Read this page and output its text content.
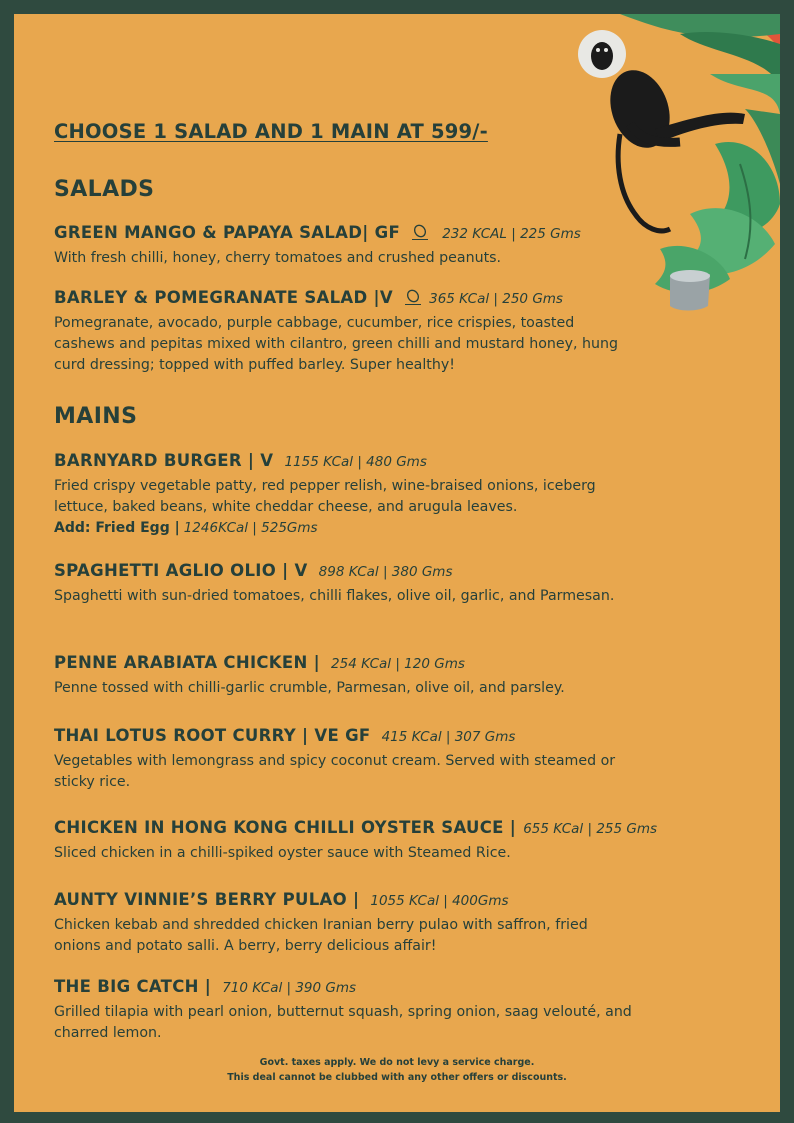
CHOOSE 1 SALAD AND 1 MAIN AT 599/-
SALADS
GREEN MANGO & PAPAYA SALAD| GF	232 KCAL | 225 Gms
With fresh chilli, honey, cherry tomatoes and crushed peanuts.
BARLEY & POMEGRANATE SALAD |V	365 KCal | 250 Gms
Pomegranate, avocado, purple cabbage, cucumber, rice crispies, toasted cashews and pepitas mixed with cilantro, green chilli and mustard honey, hung curd dressing; topped with puffed barley. Super healthy!
MAINS
BARNYARD BURGER | V 1155 KCal | 480 Gms
Fried crispy vegetable patty, red pepper relish, wine-braised onions, iceberg lettuce, baked beans, white cheddar cheese, and arugula leaves.
Add: Fried Egg | 1246KCal | 525Gms
SPAGHETTI AGLIO OLIO | V 898 KCal | 380 Gms
Spaghetti with sun-dried tomatoes, chilli flakes, olive oil, garlic, and Parmesan.
PENNE ARABIATA CHICKEN | 254 KCal | 120 Gms
Penne tossed with chilli-garlic crumble, Parmesan, olive oil, and parsley.
THAI LOTUS ROOT CURRY | VE GF 415 KCal | 307 Gms
Vegetables with lemongrass and spicy coconut cream. Served with steamed or sticky rice.
CHICKEN IN HONG KONG CHILLI OYSTER SAUCE | 655 KCal | 255 Gms
Sliced chicken in a chilli-spiked oyster sauce with Steamed Rice.
AUNTY VINNIE’S BERRY PULAO | 1055 KCal | 400Gms
Chicken kebab and shredded chicken Iranian berry pulao with saffron, fried onions and potato salli. A berry, berry delicious affair!
THE BIG CATCH | 710 KCal | 390 Gms
Grilled tilapia with pearl onion, butternut squash, spring onion, saag velouté, and charred lemon.
Govt. taxes apply. We do not levy a service charge.
This deal cannot be clubbed with any other offers or discounts.
